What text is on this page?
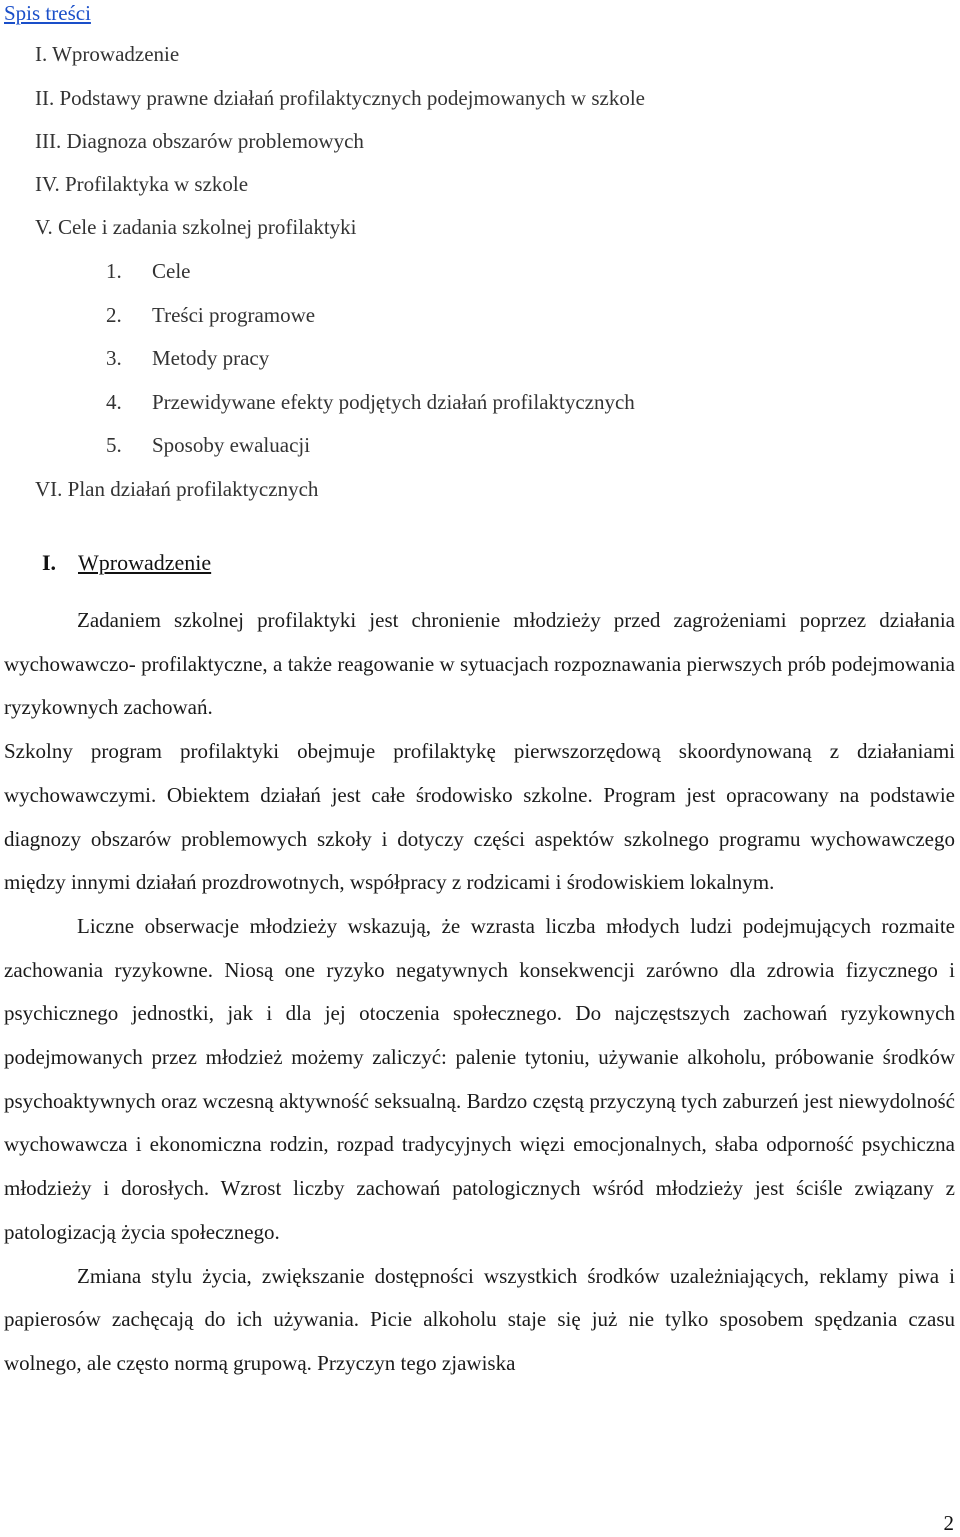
Spis treści
I. Wprowadzenie
II. Podstawy prawne działań profilaktycznych podejmowanych w szkole
III. Diagnoza obszarów problemowych
IV. Profilaktyka w szkole
V. Cele i zadania szkolnej profilaktyki
1. Cele
2. Treści programowe
3. Metody pracy
4. Przewidywane efekty podjętych działań profilaktycznych
5. Sposoby ewaluacji
VI. Plan działań profilaktycznych
I. Wprowadzenie

Zadaniem szkolnej profilaktyki jest chronienie młodzieży przed zagrożeniami poprzez działania wychowawczo- profilaktyczne, a także reagowanie w sytuacjach rozpoznawania pierwszych prób podejmowania ryzykownych zachowań.

Szkolny program profilaktyki obejmuje profilaktykę pierwszorzędową skoordynowaną z działaniami wychowawczymi. Obiektem działań jest całe środowisko szkolne. Program jest opracowany na podstawie diagnozy obszarów problemowych szkoły i dotyczy części aspektów szkolnego programu wychowawczego między innymi działań prozdrowotnych, współpracy z rodzicami i środowiskiem lokalnym.

Liczne obserwacje młodzieży wskazują, że wzrasta liczba młodych ludzi podejmujących rozmaite zachowania ryzykowne. Niosą one ryzyko negatywnych konsekwencji zarówno dla zdrowia fizycznego i psychicznego jednostki, jak i dla jej otoczenia społecznego. Do najczęstszych zachowań ryzykownych podejmowanych przez młodzież możemy zaliczyć: palenie tytoniu, używanie alkoholu, próbowanie środków psychoaktywnych oraz wczesną aktywność seksualną. Bardzo częstą przyczyną tych zaburzeń jest niewydolność wychowawcza i ekonomiczna rodzin, rozpad tradycyjnych więzi emocjonalnych, słaba odporność psychiczna młodzieży i dorosłych. Wzrost liczby zachowań patologicznych wśród młodzieży jest ściśle związany z patologizacją życia społecznego.

Zmiana stylu życia, zwiększanie dostępności wszystkich środków uzależniających, reklamy piwa i papierosów zachęcają do ich używania. Picie alkoholu staje się już nie tylko sposobem spędzania czasu wolnego, ale często normą grupową. Przyczyn tego zjawiska

2
